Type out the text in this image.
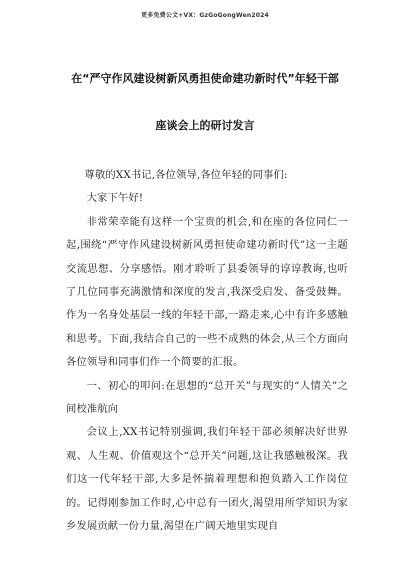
更多免费公文+VX：GzGoGongWen2024
在“严守作风建设树新风勇担使命建功新时代”年轻干部
座谈会上的研讨发言

尊敬的XX书记,各位领导,各位年轻的同事们:

大家下午好!

非常荣幸能有这样一个宝贵的机会,和在座的各位同仁一起,围绕“严守作风建设树新风勇担使命建功新时代”这一主题交流思想、分享感悟。刚才聆听了县委领导的谆谆教诲,也听了几位同事充满激情和深度的发言,我深受启发、备受鼓舞。作为一名身处基层一线的年轻干部,一路走来,心中有许多感触和思考。下面,我结合自己的一些不成熟的体会,从三个方面向各位领导和同事们作一个简要的汇报。

一、初心的叩问:在思想的“总开关”与现实的“人情关”之间校准航向

会议上,XX书记特别强调,我们年轻干部必须解决好世界观、人生观、价值观这个“总开关”问题,这让我感触极深。我们这一代年轻干部,大多是怀揣着理想和抱负踏入工作岗位的。记得刚参加工作时,心中总有一团火,渴望用所学知识为家乡发展贡献一份力量,渴望在广阔天地里实现自
